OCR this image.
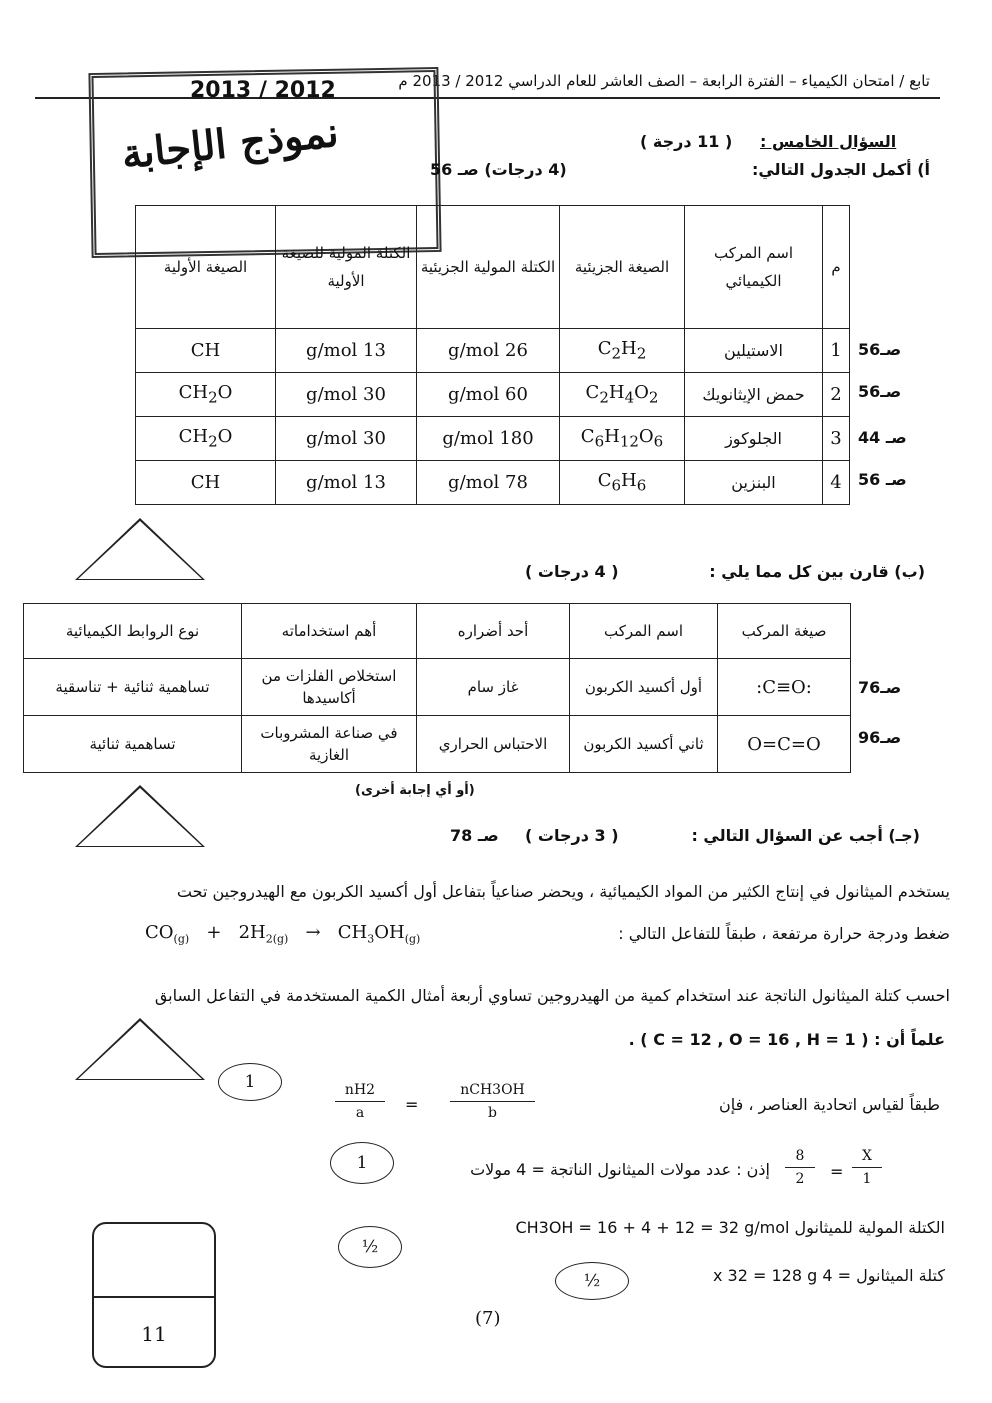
تابع / امتحان الكيمياء – الفترة الرابعة – الصف العاشر للعام الدراسي 2012 / 2013 م
2013 / 2012
نموذج الإجابة	السؤال الخامس :
( 11 درجة )
أ) أكمل الجدول التالي:
(4 درجات) صـ 56
م	اسم المركب الكيميائي	الصيغة الجزيئية	الكتلة المولية الجزيئية	الكتلة المولية للصيغة الأولية	الصيغة الأولية
1	الاستيلين	$C_2H_2$	26 g/mol	13 g/mol	CH
2	حمض الإيثانويك	$C_2H_4O_2$	60 g/mol	30 g/mol	$CH_2O$
3	الجلوكوز	$C_6H_{12}O_6$	180 g/mol	30 g/mol	$CH_2O$
4	البنزين	$C_6H_6$	78 g/mol	13 g/mol	CH
صـ56
صـ56
صـ 44
صـ 56
(ب) قارن بين كل مما يلي :
( 4 درجات )
صيغة المركب	اسم المركب	أحد أضراره	أهم استخداماته	نوع الروابط الكيميائية
:C≡O:	أول أكسيد الكربون	غاز سام	استخلاص الفلزات من أكاسيدها	تساهمية ثنائية + تناسقية
O=C=O	ثاني أكسيد الكربون	الاحتباس الحراري	في صناعة المشروبات الغازية	تساهمية ثنائية
صـ76
صـ96
(أو أي إجابة أخرى)
(جـ) أجب عن السؤال التالي :
( 3 درجات )
صـ 78
يستخدم الميثانول في إنتاج الكثير من المواد الكيميائية ، ويحضر صناعياً بتفاعل أول أكسيد الكربون مع الهيدروجين تحت
ضغط ودرجة حرارة مرتفعة ، طبقاً للتفاعل التالي :
$CO_{(g)} + 2H_{2(g)} \to CH_3OH_{(g)}$
احسب كتلة الميثانول الناتجة عند استخدام كمية من الهيدروجين تساوي أربعة أمثال الكمية المستخدمة في التفاعل السابق
علماً أن : ( C = 12 , O = 16 , H = 1 ) .
1	$\frac{nH2}{a}$ =
nCH3OH
b	طبقاً لقياس اتحادية العناصر ، فإن
1	إذن : عدد مولات الميثانول الناتجة = 4 مولات $\frac{8}{2} = \frac{X}{1}$
الكتلة المولية للميثانول CH3OH = 16 + 4 + 12 = 32 g/mol
½
½	كتلة الميثانول = 4 x 32 = 128 g
11
(7)
